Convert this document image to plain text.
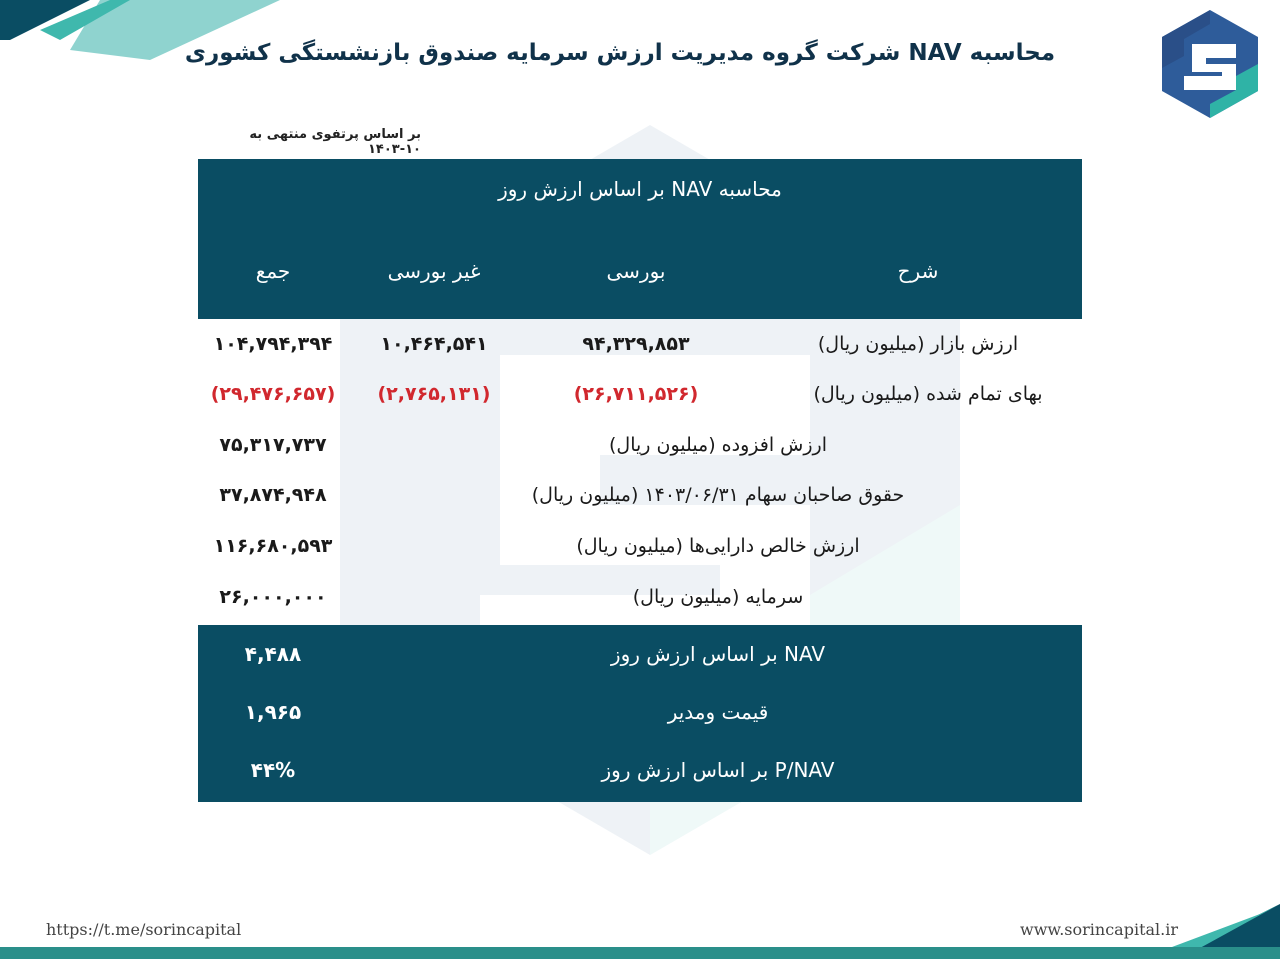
محاسبه NAV شرکت گروه مدیریت ارزش سرمایه صندوق بازنشستگی کشوری
بر اساس پرتفوی منتهی به ۱۰-۱۴۰۳
محاسبه NAV بر اساس ارزش روز
شرح
بورسی
غیر بورسی
جمع
ارزش بازار (میلیون ریال)
۹۴,۳۲۹,۸۵۳
۱۰,۴۶۴,۵۴۱
۱۰۴,۷۹۴,۳۹۴
بهای تمام شده (میلیون ریال)
(۲۶,۷۱۱,۵۲۶)
(۲,۷۶۵,۱۳۱)
(۲۹,۴۷۶,۶۵۷)
ارزش افزوده (میلیون ریال)
۷۵,۳۱۷,۷۳۷
حقوق صاحبان سهام ۱۴۰۳/۰۶/۳۱ (میلیون ریال)
۳۷,۸۷۴,۹۴۸
ارزش خالص دارایی‌ها (میلیون ریال)
۱۱۶,۶۸۰,۵۹۳
سرمایه (میلیون ریال)
۲۶,۰۰۰,۰۰۰
NAV بر اساس ارزش روز
۴,۴۸۸
قیمت ومدیر
۱,۹۶۵
P/NAV بر اساس ارزش روز
۴۴%
https://t.me/sorincapital	www.sorincapital.ir
